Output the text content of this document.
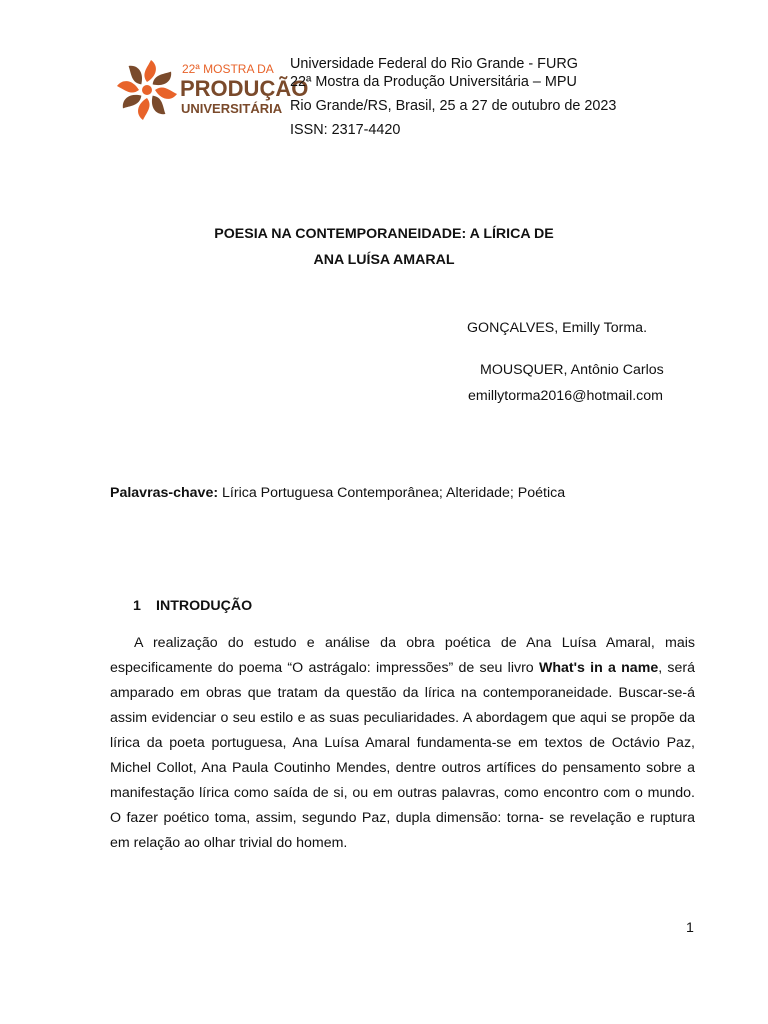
22ª MOSTRA DA
PRODUÇÃO
UNIVERSITÁRIA
Universidade Federal do Rio Grande - FURG
22ª Mostra da Produção Universitária – MPU
Rio Grande/RS, Brasil, 25 a 27 de outubro de 2023
ISSN: 2317-4420
POESIA NA CONTEMPORANEIDADE: A LÍRICA DE
ANA LUÍSA AMARAL
GONÇALVES, Emilly Torma.
MOUSQUER, Antônio Carlos
emillytorma2016@hotmail.com
Palavras-chave: Lírica Portuguesa Contemporânea; Alteridade; Poética
1 INTRODUÇÃO

A realização do estudo e análise da obra poética de Ana Luísa Amaral, mais especificamente do poema “O astrágalo: impressões” de seu livro What's in a name, será amparado em obras que tratam da questão da lírica na contemporaneidade. Buscar-se-á assim evidenciar o seu estilo e as suas peculiaridades. A abordagem que aqui se propõe da lírica da poeta portuguesa, Ana Luísa Amaral fundamenta-se em textos de Octávio Paz, Michel Collot, Ana Paula Coutinho Mendes, dentre outros artífices do pensamento sobre a manifestação lírica como saída de si, ou em outras palavras, como encontro com o mundo. O fazer poético toma, assim, segundo Paz, dupla dimensão: torna- se revelação e ruptura em relação ao olhar trivial do homem.

1
